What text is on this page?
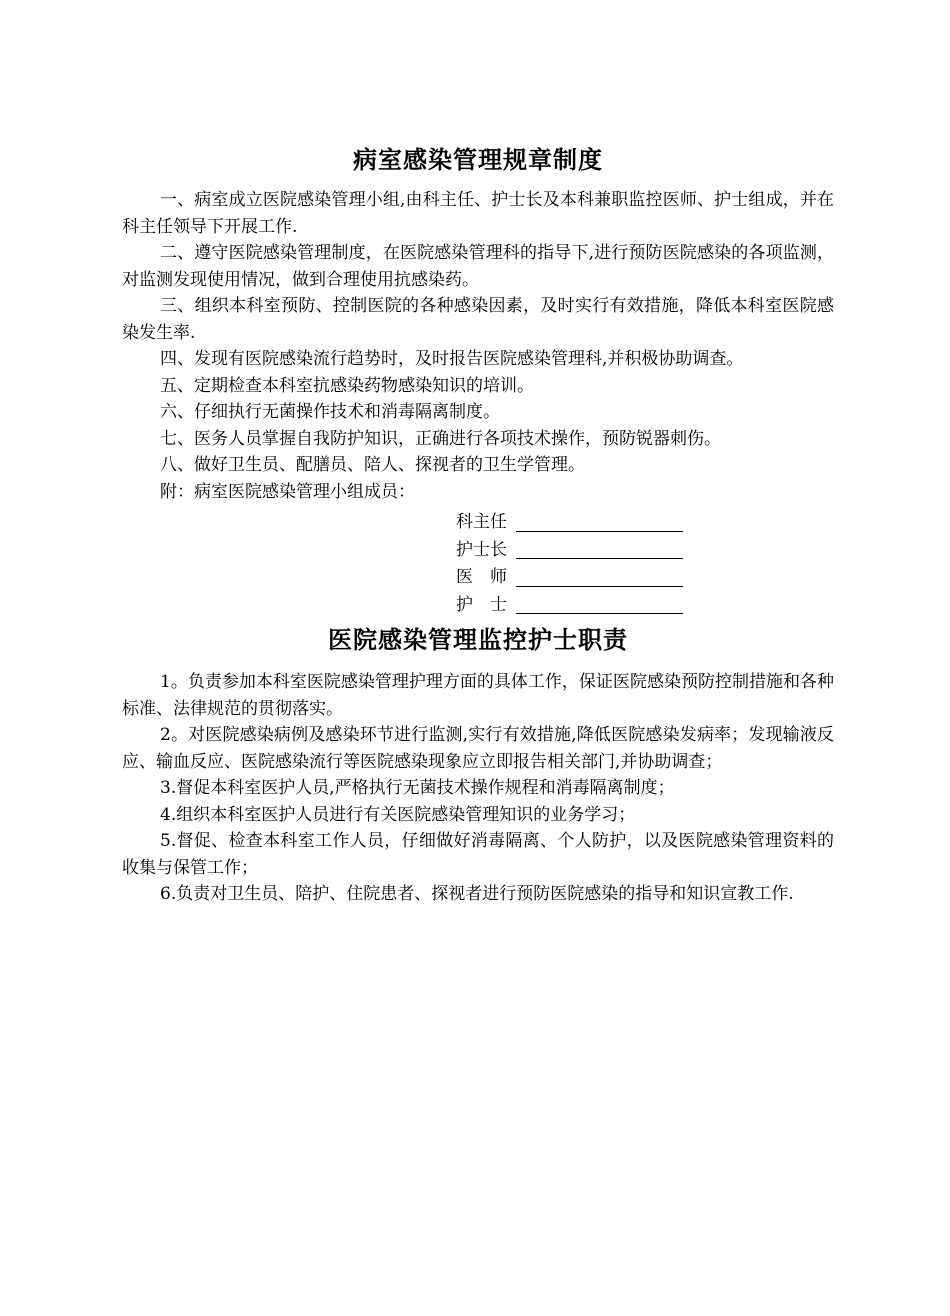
病室感染管理规章制度

一、病室成立医院感染管理小组,由科主任、护士长及本科兼职监控医师、护士组成，并在科主任领导下开展工作.

二、遵守医院感染管理制度，在医院感染管理科的指导下,进行预防医院感染的各项监测，对监测发现使用情况，做到合理使用抗感染药。

三、组织本科室预防、控制医院的各种感染因素，及时实行有效措施，降低本科室医院感染发生率.

四、发现有医院感染流行趋势时，及时报告医院感染管理科,并积极协助调查。

五、定期检查本科室抗感染药物感染知识的培训。

六、仔细执行无菌操作技术和消毒隔离制度。

七、医务人员掌握自我防护知识，正确进行各项技术操作，预防锐器刺伤。

八、做好卫生员、配膳员、陪人、探视者的卫生学管理。

附：病室医院感染管理小组成员：

科主任
护士长
医　师
护　士
医院感染管理监控护士职责

1。负责参加本科室医院感染管理护理方面的具体工作，保证医院感染预防控制措施和各种标准、法律规范的贯彻落实。

2。对医院感染病例及感染环节进行监测,实行有效措施,降低医院感染发病率；发现输液反应、输血反应、医院感染流行等医院感染现象应立即报告相关部门,并协助调查；

3.督促本科室医护人员,严格执行无菌技术操作规程和消毒隔离制度；

4.组织本科室医护人员进行有关医院感染管理知识的业务学习；

5.督促、检查本科室工作人员，仔细做好消毒隔离、个人防护，以及医院感染管理资料的收集与保管工作；

6.负责对卫生员、陪护、住院患者、探视者进行预防医院感染的指导和知识宣教工作.
